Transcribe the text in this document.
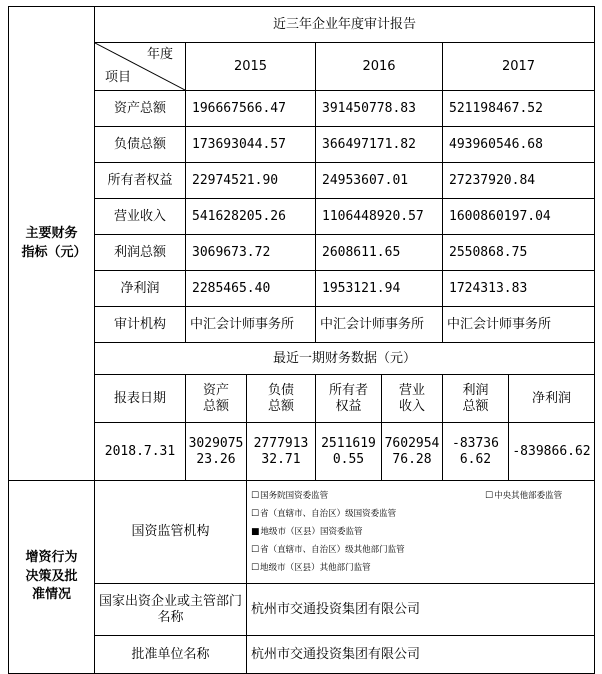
主要财务指标（元）	近三年企业年度审计报告						

	年度
项目	2015		2016		2017	
	资产总额	196667566.47		391450778.83		521198467.52	
	负债总额	173693044.57		366497171.82		493960546.68	
	所有者权益	22974521.90		24953607.01		27237920.84	
	营业收入	541628205.26		1106448920.57		1600860197.04	
	利润总额	3069673.72		2608611.65		2550868.75	
	净利润	2285465.40		1953121.94		1724313.83	
	审计机构	中汇会计师事务所		中汇会计师事务所		中汇会计师事务所	
	最近一期财务数据（元）						
	报表日期	资产总额	负债总额	所有者权益	营业收入	利润总额	净利润
	2018.7.31	302907523.26	277791332.71	25116190.55	760295476.28	-837366.62	-839866.62

增资行为决策及批准情况	国资监管机构		☐国务院国资委监管 ☐中央其他部委监管
☐省（直辖市、自治区）级国资委监管■地级市（区县）国资委监管
☐省（直辖市、自治区）级其他部门监管☐地级市（区县）其他部门监管				

	国家出资企业或主管部门名称		杭州市交通投资集团有限公司				
	批准单位名称		杭州市交通投资集团有限公司				
